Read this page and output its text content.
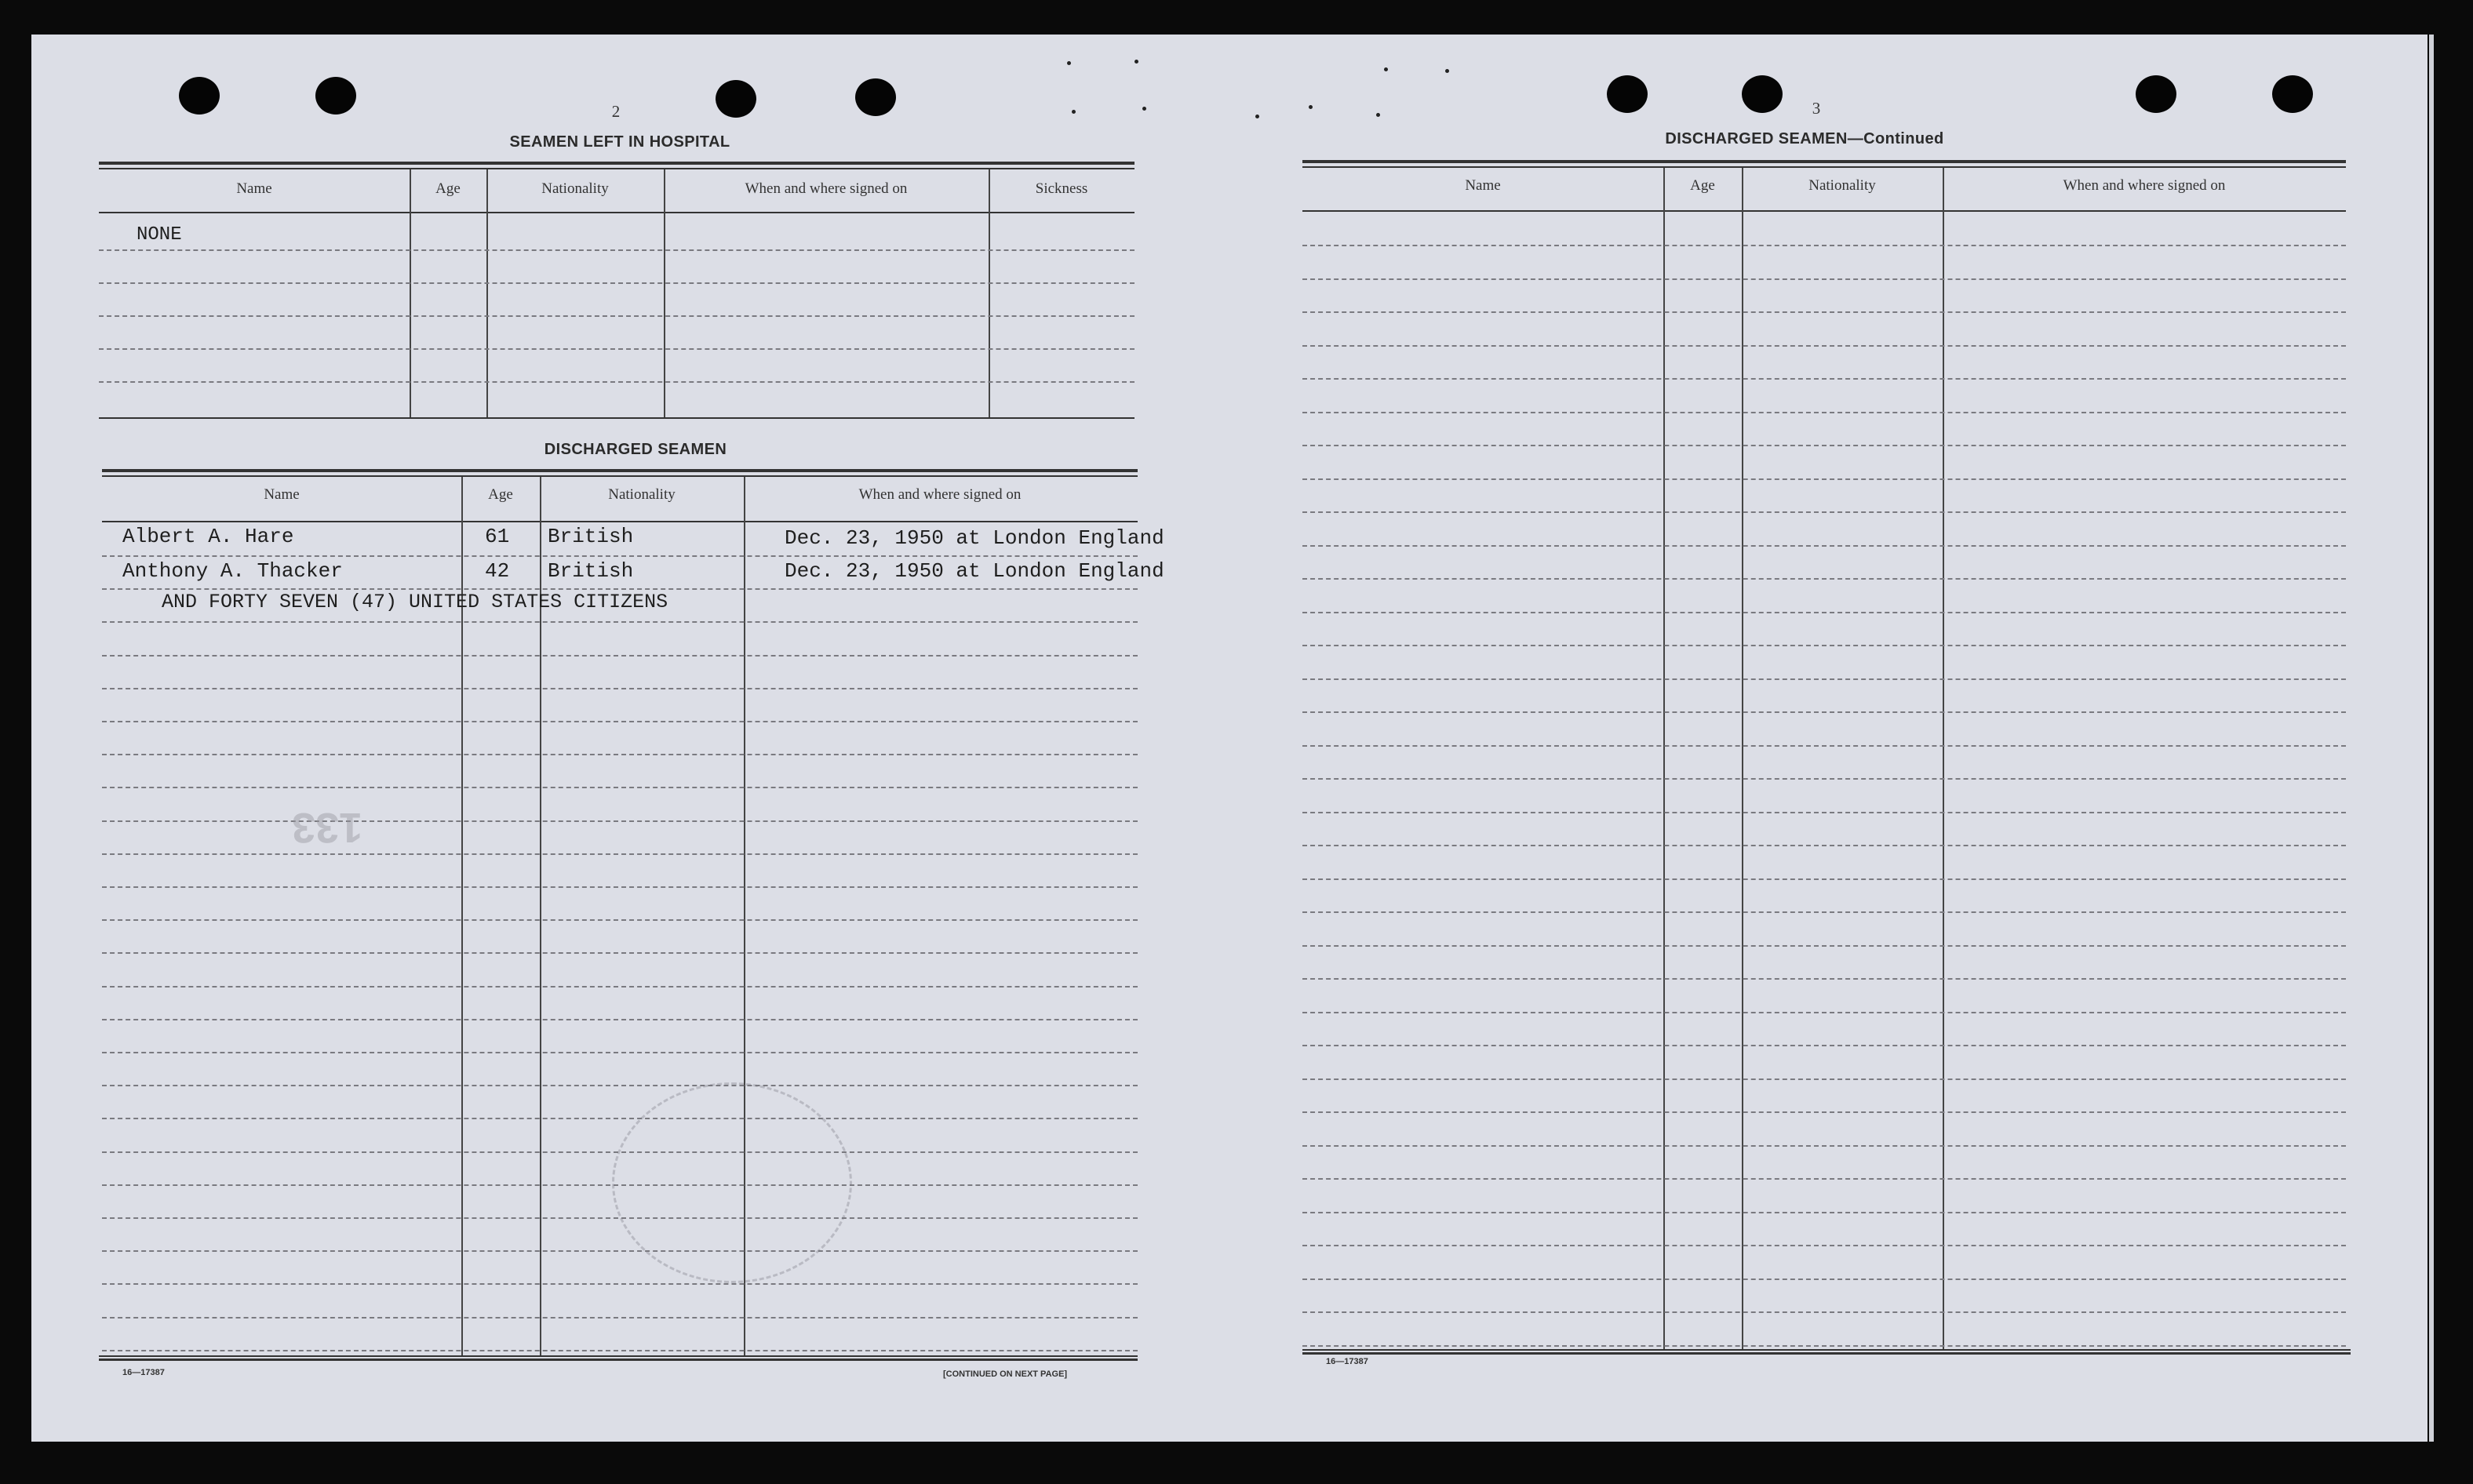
2
SEAMEN LEFT IN HOSPITAL
Name	Age	Nationality	When and where signed on	Sickness
NONE
DISCHARGED SEAMEN
Name	Age	Nationality	When and where signed on
Albert A. Hare	61 British	Dec. 23, 1950 at London England
Anthony A. Thacker	42 British	Dec. 23, 1950 at London England
AND FORTY SEVEN (47) UNITED STATES CITIZENS
133
16—17387	[CONTINUED ON NEXT PAGE]
3
DISCHARGED SEAMEN—Continued
Name	Age	Nationality	When and where signed on
16—17387
